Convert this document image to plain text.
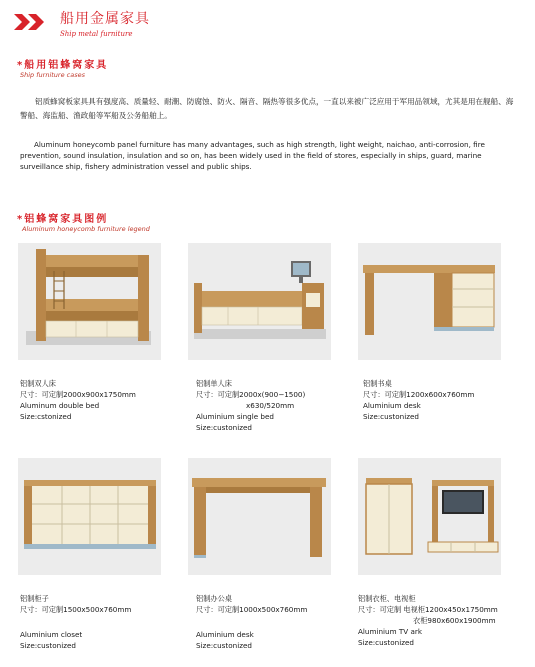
船用金属家具
Ship metal furniture
*船用铝蜂窝家具
Ship furniture cases
铝质蜂窝板家具具有强度高、质量轻、耐潮、防腐蚀、防火、隔音、隔热等很多优点，一直以来被广泛应用于军用品领域，尤其是用在舰船、海警船、海监船、渔政船等军船及公务船舶上。
Aluminum honeycomb panel furniture has many advantages, such as high strength, light weight, naichao, anti-corrosion, fire prevention, sound insulation, insulation and so on, has been widely used in the field of stores, especially in ships, guard, marine surveillance ship, fishery administration vessel and public ships.
*铝蜂窝家具图例
Aluminum honeycomb furniture legend
铝制双人床
尺寸：可定制2000x900x1750mm
Aluminum double bed
Size:cstonized
铝制单人床
尺寸：可定制2000x(900−1500)
x630/520mm
Aluminium single bed
Size:custonized
铝制书桌
尺寸：可定制1200x600x760mm
Aluminium desk
Size:custonized
铝制柜子
尺寸：可定制1500x500x760mm
Aluminium closet
Size:custonized
铝制办公桌
尺寸：可定制1000x500x760mm
Aluminium desk
Size:custonized
铝制衣柜、电视柜
尺寸：可定制 电视柜1200x450x1750mm
衣柜980x600x1900mm
Aluminium TV ark
Size:custonized
